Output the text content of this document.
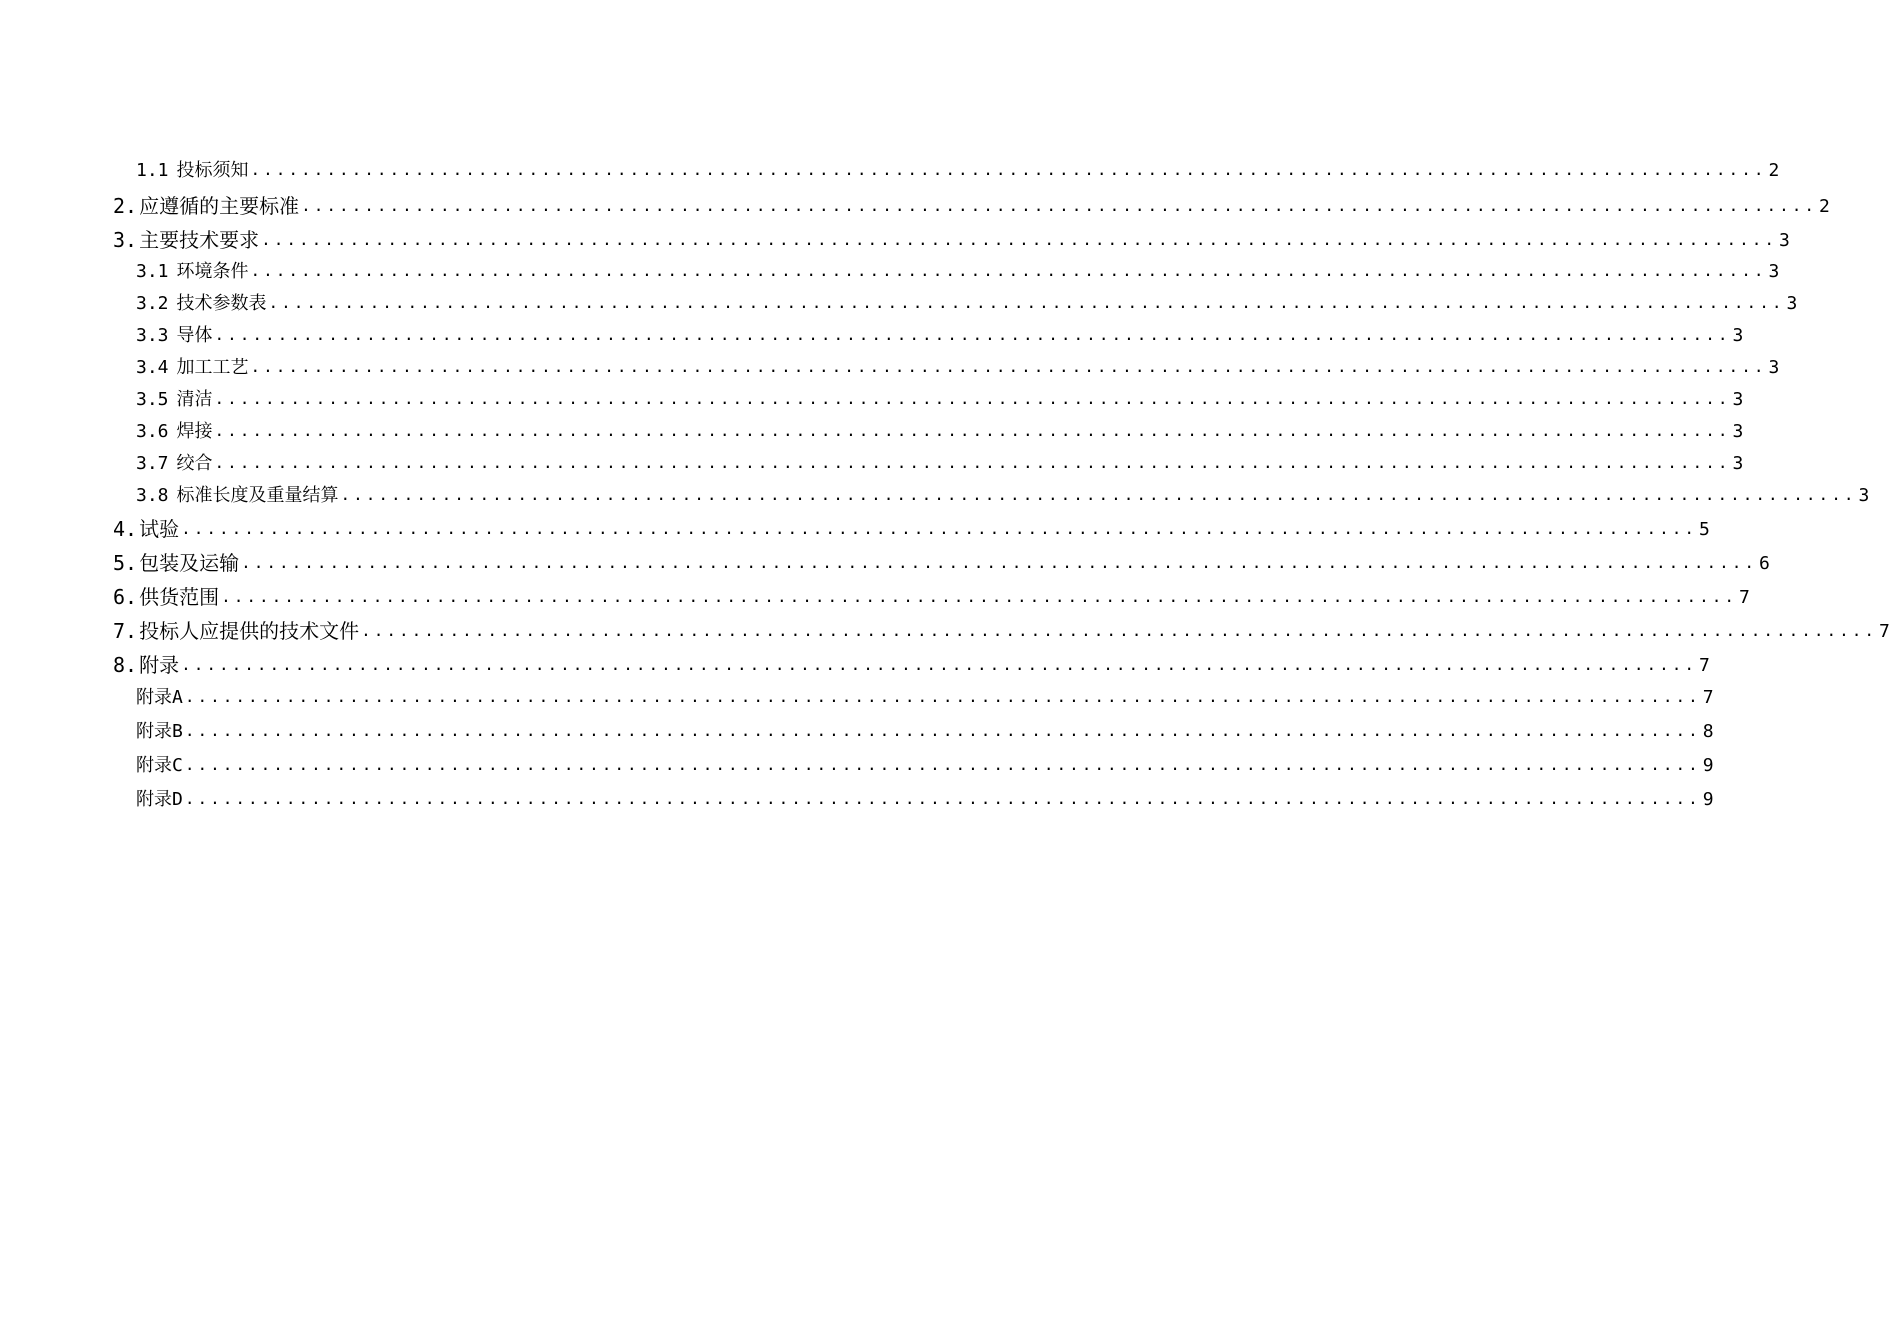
1.1 投标须知 ........................................................................................................................ 2
2. 应遵循的主要标准 ........................................................................................................................ 2
3. 主要技术要求 ........................................................................................................................ 3
3.1 环境条件 ........................................................................................................................ 3
3.2 技术参数表 ........................................................................................................................ 3
3.3 导体 ........................................................................................................................ 3
3.4 加工工艺 ........................................................................................................................ 3
3.5 清洁 ........................................................................................................................ 3
3.6 焊接 ........................................................................................................................ 3
3.7 绞合 ........................................................................................................................ 3
3.8 标准长度及重量结算 ........................................................................................................................ 3
4. 试验 ........................................................................................................................ 5
5. 包装及运输 ........................................................................................................................ 6
6. 供货范围 ........................................................................................................................ 7
7. 投标人应提供的技术文件 ........................................................................................................................ 7
8. 附录 ........................................................................................................................ 7
附录A ........................................................................................................................ 7
附录B ........................................................................................................................ 8
附录C ........................................................................................................................ 9
附录D ........................................................................................................................ 9
